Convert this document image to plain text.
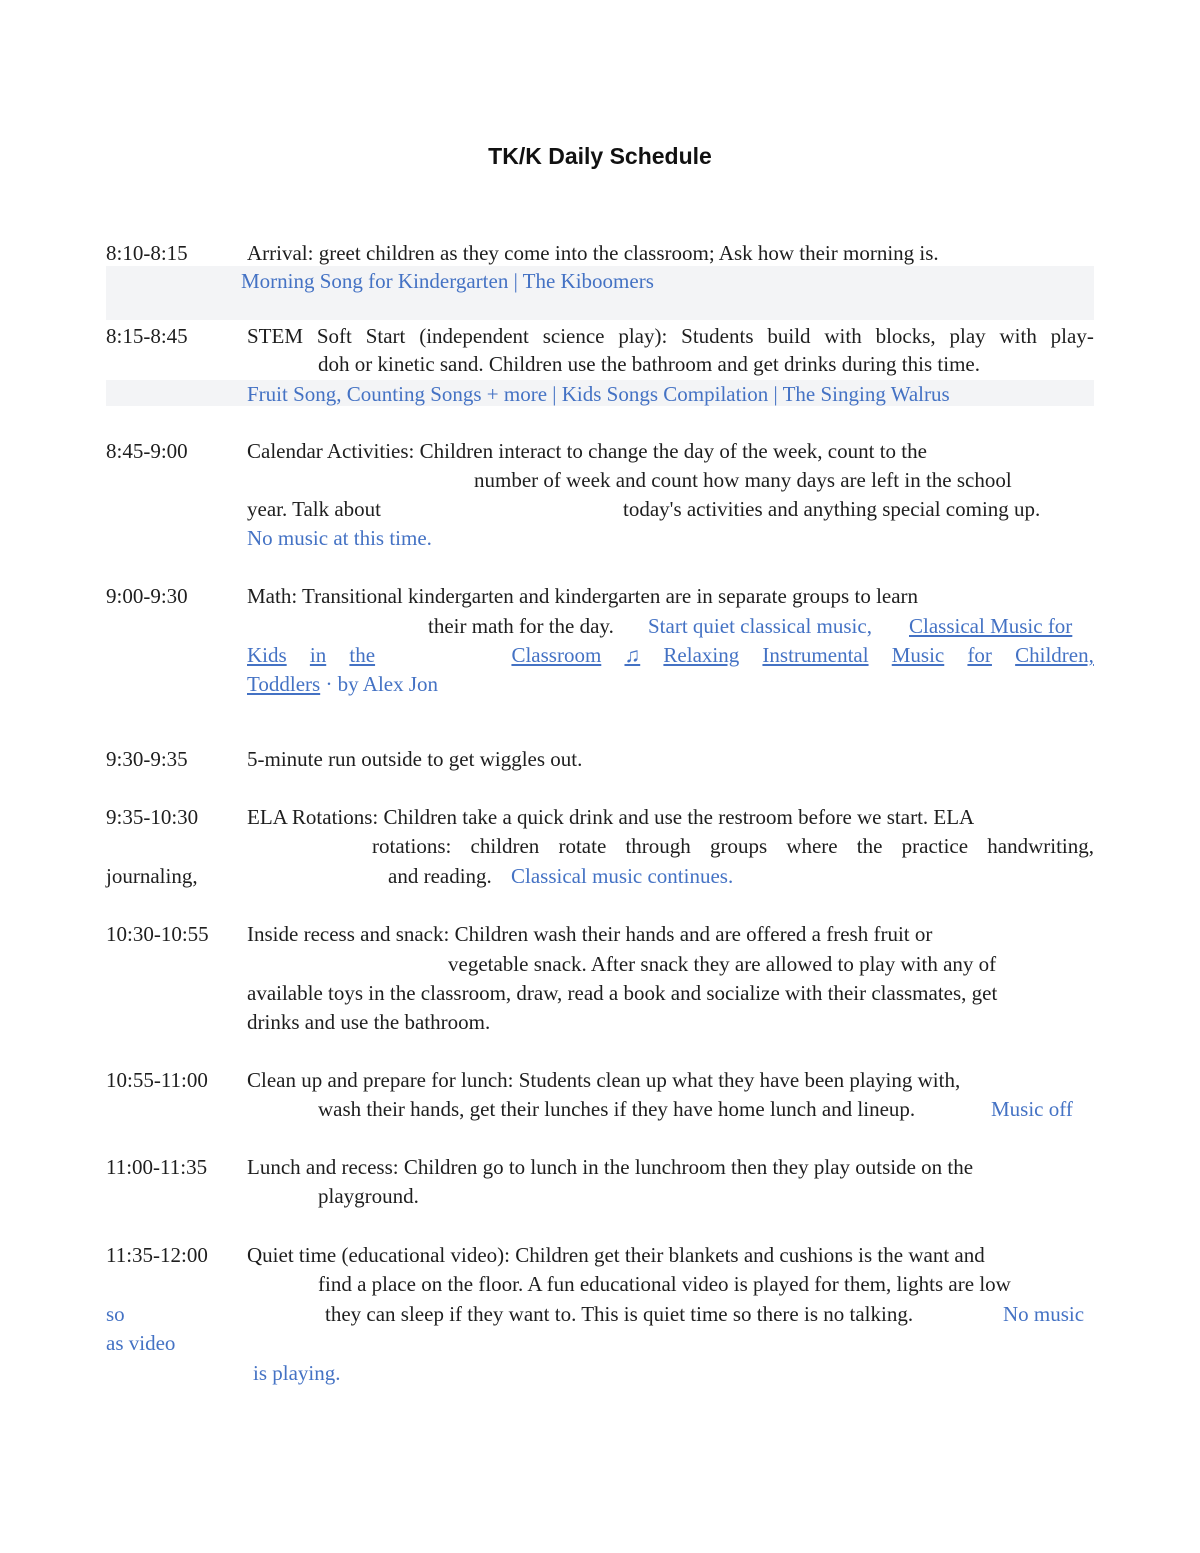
TK/K Daily Schedule
8:10-8:15	Arrival: greet children as they come into the classroom; Ask how their morning is.
Morning Song for Kindergarten | The Kiboomers
8:15-8:45	STEM Soft Start (independent science play): Students build with blocks, play with play-
doh or kinetic sand. Children use the bathroom and get drinks during this time.
Fruit Song, Counting Songs + more | Kids Songs Compilation | The Singing Walrus
8:45-9:00	Calendar Activities: Children interact to change the day of the week, count to the
number of week and count how many days are left in the school
year. Talk about	today's activities and anything special coming up.
No music at this time.
9:00-9:30	Math: Transitional kindergarten and kindergarten are in separate groups to learn
their math for the day. Start quiet classical music, Classical Music for
Kids in the	Classroom ♫ Relaxing Instrumental Music for Children,
Toddlers · by Alex Jon
9:30-9:35	5-minute run outside to get wiggles out.
9:35-10:30 ELA Rotations: Children take a quick drink and use the restroom before we start. ELA
rotations: children rotate through groups where the practice handwriting,
journaling,	and reading. Classical music continues.
10:30-10:55 Inside recess and snack: Children wash their hands and are offered a fresh fruit or
vegetable snack. After snack they are allowed to play with any of
available toys in the classroom, draw, read a book and socialize with their classmates, get
drinks and use the bathroom.
10:55-11:00 Clean up and prepare for lunch: Students clean up what they have been playing with,
wash their hands, get their lunches if they have home lunch and lineup.	Music off
11:00-11:35 Lunch and recess: Children go to lunch in the lunchroom then they play outside on the
playground.
11:35-12:00 Quiet time (educational video): Children get their blankets and cushions is the want and
find a place on the floor. A fun educational video is played for them, lights are low
so	they can sleep if they want to. This is quiet time so there is no talking.	No music
as video
is playing.
